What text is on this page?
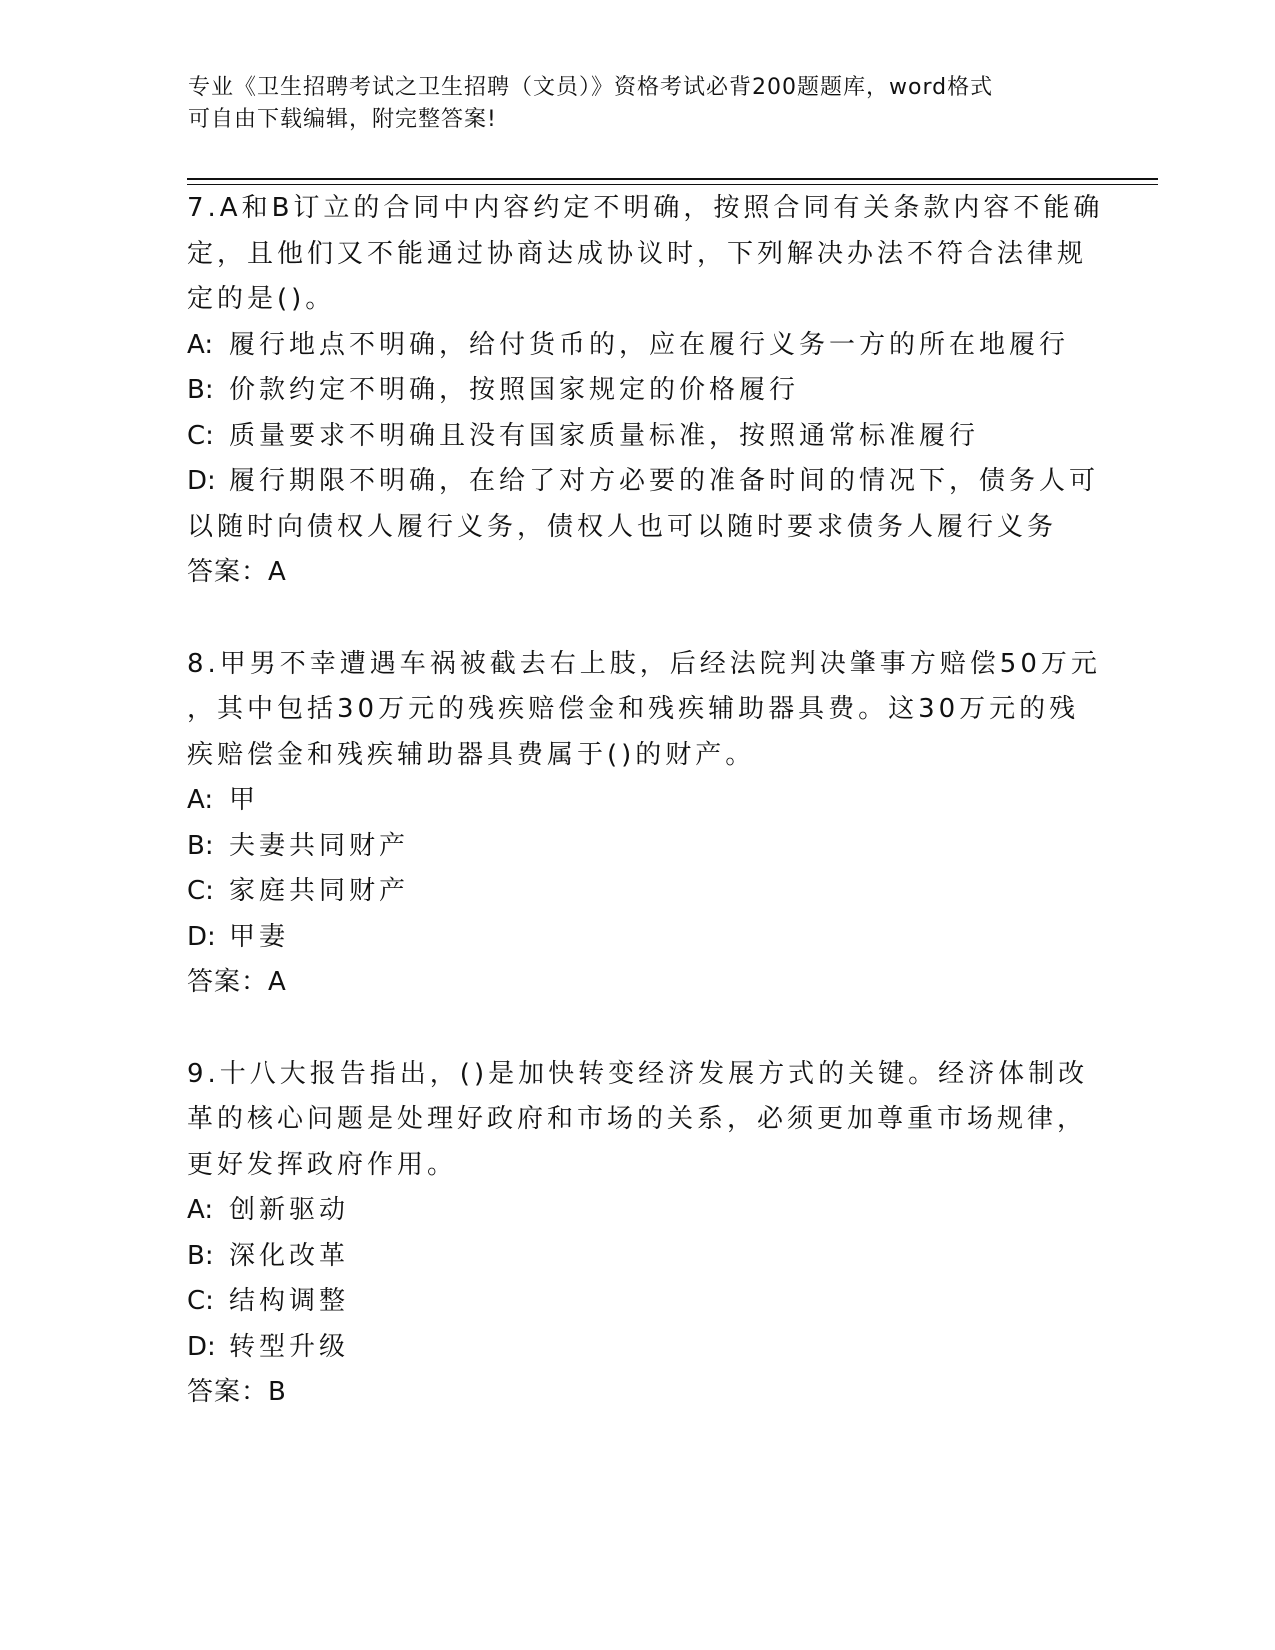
专业《卫生招聘考试之卫生招聘（文员）》资格考试必背200题题库，word格式
可自由下载编辑，附完整答案!
7.A和B订立的合同中内容约定不明确，按照合同有关条款内容不能确
定，且他们又不能通过协商达成协议时，下列解决办法不符合法律规
定的是()。
A: 履行地点不明确，给付货币的，应在履行义务一方的所在地履行
B: 价款约定不明确，按照国家规定的价格履行
C: 质量要求不明确且没有国家质量标准，按照通常标准履行
D: 履行期限不明确，在给了对方必要的准备时间的情况下，债务人可
以随时向债权人履行义务，债权人也可以随时要求债务人履行义务
答案：A
8.甲男不幸遭遇车祸被截去右上肢，后经法院判决肇事方赔偿50万元
，其中包括30万元的残疾赔偿金和残疾辅助器具费。这30万元的残
疾赔偿金和残疾辅助器具费属于()的财产。
A: 甲
B: 夫妻共同财产
C: 家庭共同财产
D: 甲妻
答案：A
9.十八大报告指出，()是加快转变经济发展方式的关键。经济体制改
革的核心问题是处理好政府和市场的关系，必须更加尊重市场规律，
更好发挥政府作用。
A: 创新驱动
B: 深化改革
C: 结构调整
D: 转型升级
答案：B
